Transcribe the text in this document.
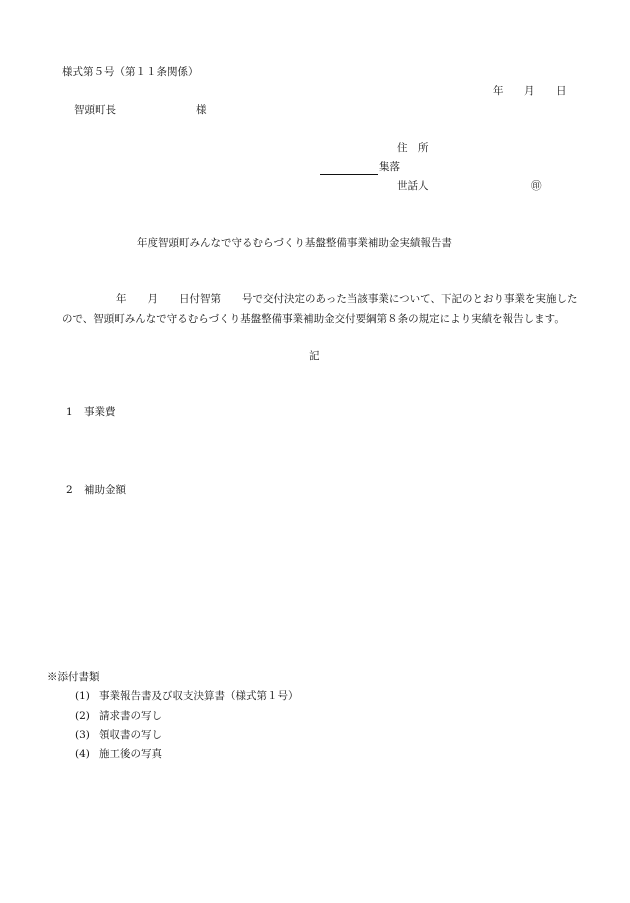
様式第５号（第１１条関係）
年 月 日
智頭町長	様
住　所
集落
世話人	㊞
年度智頭町みんなで守るむらづくり基盤整備事業補助金実績報告書
年　　月　　日付智第　　号で交付決定のあった当該事業について、下記のとおり事業を実施した
ので、智頭町みんなで守るむらづくり基盤整備事業補助金交付要綱第８条の規定により実績を報告します。
記
1 事業費
2 補助金額
※添付書類
(1) 事業報告書及び収支決算書（様式第１号）
(2) 請求書の写し
(3) 領収書の写し
(4) 施工後の写真
